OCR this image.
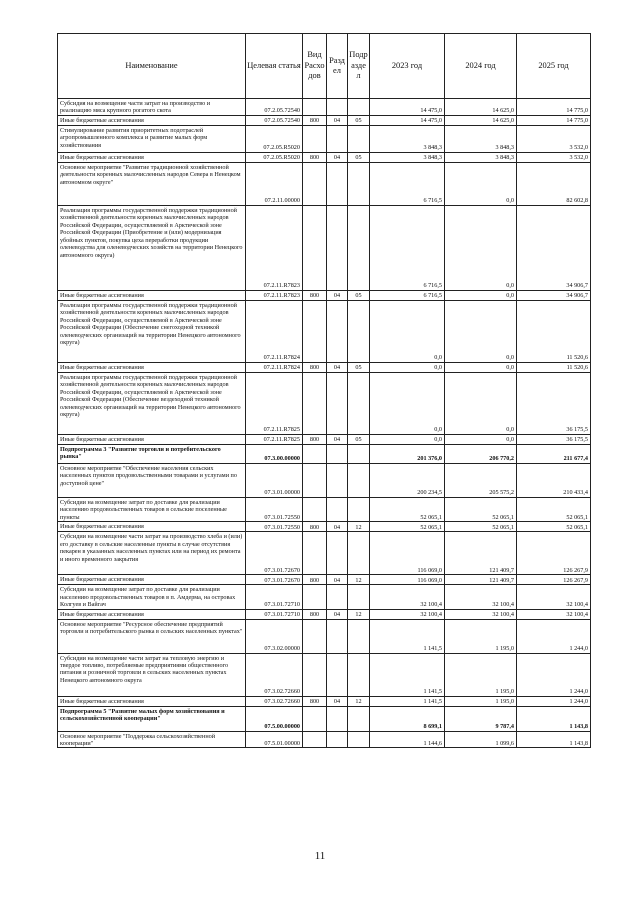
Наименование	Целевая статья	Вид Расхо дов	Разд ел	Подр азде л	2023 год	2024 год	2025 год
Субсидия на возмещение части затрат на производство и реализацию мяса крупного рогатого скота	07.2.05.72540				14 475,0	14 625,0	14 775,0
Иные бюджетные ассигнования	07.2.05.72540	800	04	05	14 475,0	14 625,0	14 775,0
Стимулирование развития приоритетных подотраслей агропромышленного комплекса и развитие малых форм хозяйствования	07.2.05.R5020				3 848,3	3 848,3	3 532,0
Иные бюджетные ассигнования	07.2.05.R5020	800	04	05	3 848,3	3 848,3	3 532,0
Основное мероприятие "Развитие традиционной хозяйственной деятельности коренных малочисленных народов Севера в Ненецком автономном округе"	07.2.11.00000				6 716,5	0,0	82 602,8
Реализация программы государственной поддержки традиционной хозяйственной деятельности коренных малочисленных народов Российской Федерации, осуществляемой в Арктической зоне Российской Федерации (Приобретение и (или) модернизация убойных пунктов, покупка цеха переработки продукции оленеводства для оленеводческих хозяйств на территории Ненецкого автономного округа)	07.2.11.R7823				6 716,5	0,0	34 906,7
Иные бюджетные ассигнования	07.2.11.R7823	800	04	05	6 716,5	0,0	34 906,7
Реализация программы государственной поддержки традиционной хозяйственной деятельности коренных малочисленных народов Российской Федерации, осуществляемой в Арктической зоне Российской Федерации (Обеспечение снегоходной техникой оленеводческих организаций на территории Ненецкого автономного округа)	07.2.11.R7824				0,0	0,0	11 520,6
Иные бюджетные ассигнования	07.2.11.R7824	800	04	05	0,0	0,0	11 520,6
Реализация программы государственной поддержки традиционной хозяйственной деятельности коренных малочисленных народов Российской Федерации, осуществляемой в Арктической зоне Российской Федерации (Обеспечение вездеходной техникой оленеводческих организаций на территории Ненецкого автономного округа)	07.2.11.R7825				0,0	0,0	36 175,5
Иные бюджетные ассигнования	07.2.11.R7825	800	04	05	0,0	0,0	36 175,5
Подпрограмма 3 "Развитие торговли и потребительского рынка"	07.3.00.00000				201 376,0	206 770,2	211 677,4
Основное мероприятие "Обеспечение населения сельских населенных пунктов продовольственными товарами и услугами по доступной цене"	07.3.01.00000				200 234,5	205 575,2	210 433,4
Субсидии на возмещение затрат по доставке для реализации населению продовольственных товаров в сельские поселенные пункты	07.3.01.72550				52 065,1	52 065,1	52 065,1
Иные бюджетные ассигнования	07.3.01.72550	800	04	12	52 065,1	52 065,1	52 065,1
Субсидии на возмещение части затрат на производство хлеба и (или) его доставку в сельские населенные пункты в случае отсутствия пекарен в указанных населенных пунктах или на период их ремонта и иного временного закрытия	07.3.01.72670				116 069,0	121 409,7	126 267,9
Иные бюджетные ассигнования	07.3.01.72670	800	04	12	116 069,0	121 409,7	126 267,9
Субсидии на возмещение затрат по доставке для реализации населению продовольственных товаров в п. Амдерма, на островах Колгуев и Вайгач	07.3.01.72710				32 100,4	32 100,4	32 100,4
Иные бюджетные ассигнования	07.3.01.72710	800	04	12	32 100,4	32 100,4	32 100,4
Основное мероприятие "Ресурсное обеспечение предприятий торговли и потребительского рынка в сельских населенных пунктах"	07.3.02.00000				1 141,5	1 195,0	1 244,0
Субсидии на возмещение части затрат на тепловую энергию и твердое топливо, потребляемые предприятиями общественного питания и розничной торговли в сельских населенных пунктах Ненецкого автономного округа	07.3.02.72660				1 141,5	1 195,0	1 244,0
Иные бюджетные ассигнования	07.3.02.72660	800	04	12	1 141,5	1 195,0	1 244,0
Подпрограмма 5 "Развитие малых форм хозяйствования и сельскохозяйственной кооперации"	07.5.00.00000				8 699,1	9 787,4	1 143,8
Основное мероприятие "Поддержка сельскохозяйственной кооперации"	07.5.01.00000				1 144,6	1 099,6	1 143,8
11
